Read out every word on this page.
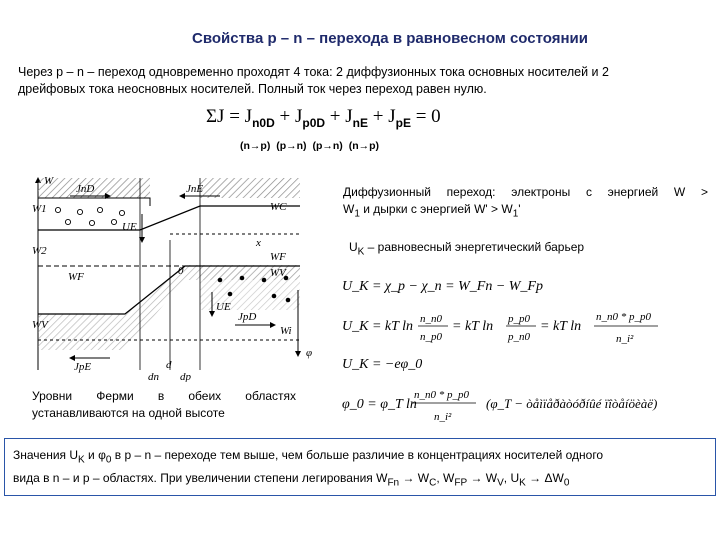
Свойства р – n – перехода в равновесном состоянии
Через р – n – переход одновременно проходят 4 тока: 2 диффузионных тока основных носителей и 2
дрейфовых тока неосновных носителей. Полный ток через переход равен нулю.
$\Sigma J = J_{n0D} + J_{p0D} + J_{nE} + J_{pE} = 0$
(n→p) (p→n) (p→n) (n→p)
Диффузионный переход: электроны с энергией W >
$W_1$ и дырки с энергией $W' > W_1'$
$U_K$ – равновесный энергетический барьер
Уровни Ферми в обеих областях
устанавливаются на одной высоте
W
W1
W2
WF
WV
JnD	JnE
JpD
JpE
WC
WF
WV
Wi
UE
UE
φ
dn dp
d
x
0
U_K = χ_p − χ_n = W_Fn − W_Fp
U_K = kT ln n_n0
n_p0
= kT ln p_p0
p_n0
= kT ln
n_n0 * p_p0
n_i²
U_K = −eφ_0
φ_0 = φ_T ln
n_n0 * p_p0
n_i²
(φ_T − òåìïåðàòóðíûé ïîòåíöèàë)
Значения $U_K$ и $\varphi_0$ в р – n – переходе тем выше, чем больше различие в концентрациях носителей одного
вида в n – и р – областях. При увеличении степени легирования $W_{Fn} \to W_C$, $W_{FP} \to W_V$, $U_K \to \Delta W_0$
